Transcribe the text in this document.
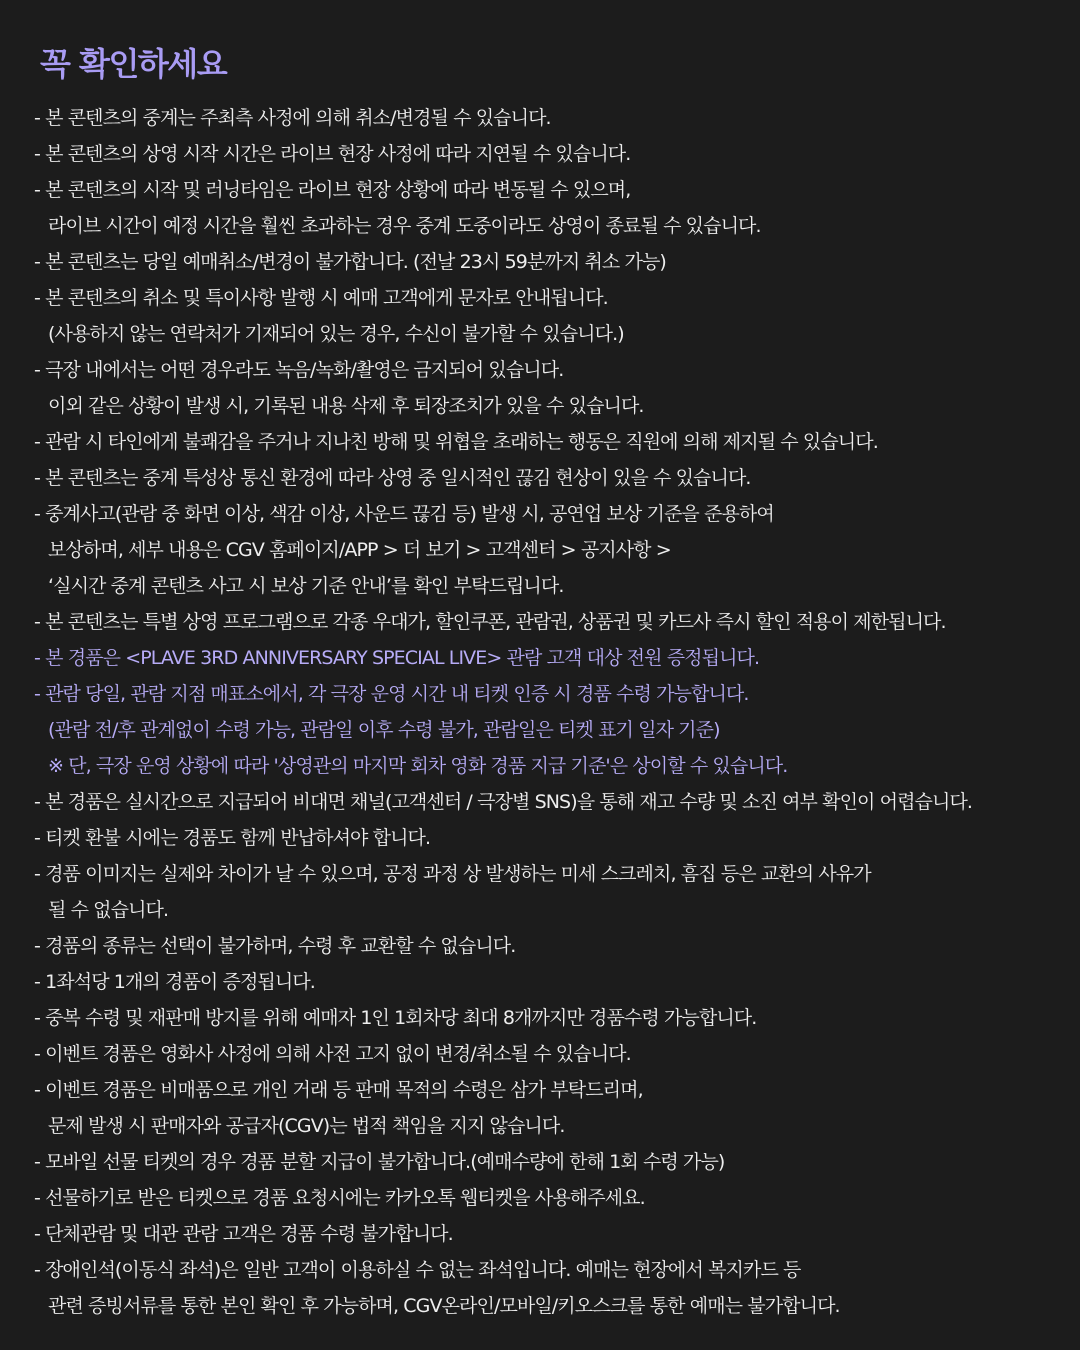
꼭 확인하세요
- 본 콘텐츠의 중계는 주최측 사정에 의해 취소/변경될 수 있습니다.
- 본 콘텐츠의 상영 시작 시간은 라이브 현장 사정에 따라 지연될 수 있습니다.
- 본 콘텐츠의 시작 및 러닝타임은 라이브 현장 상황에 따라 변동될 수 있으며,
라이브 시간이 예정 시간을 훨씬 초과하는 경우 중계 도중이라도 상영이 종료될 수 있습니다.
- 본 콘텐츠는 당일 예매취소/변경이 불가합니다. (전날 23시 59분까지 취소 가능)
- 본 콘텐츠의 취소 및 특이사항 발행 시 예매 고객에게 문자로 안내됩니다.
(사용하지 않는 연락처가 기재되어 있는 경우, 수신이 불가할 수 있습니다.)
- 극장 내에서는 어떤 경우라도 녹음/녹화/촬영은 금지되어 있습니다.
이외 같은 상황이 발생 시, 기록된 내용 삭제 후 퇴장조치가 있을 수 있습니다.
- 관람 시 타인에게 불쾌감을 주거나 지나친 방해 및 위협을 초래하는 행동은 직원에 의해 제지될 수 있습니다.
- 본 콘텐츠는 중계 특성상 통신 환경에 따라 상영 중 일시적인 끊김 현상이 있을 수 있습니다.
- 중계사고(관람 중 화면 이상, 색감 이상, 사운드 끊김 등) 발생 시, 공연업 보상 기준을 준용하여
보상하며, 세부 내용은 CGV 홈페이지/APP > 더 보기 > 고객센터 > 공지사항 >
‘실시간 중계 콘텐츠 사고 시 보상 기준 안내’를 확인 부탁드립니다.
- 본 콘텐츠는 특별 상영 프로그램으로 각종 우대가, 할인쿠폰, 관람권, 상품권 및 카드사 즉시 할인 적용이 제한됩니다.
- 본 경품은 <PLAVE 3RD ANNIVERSARY SPECIAL LIVE> 관람 고객 대상 전원 증정됩니다.
- 관람 당일, 관람 지점 매표소에서, 각 극장 운영 시간 내 티켓 인증 시 경품 수령 가능합니다.
(관람 전/후 관계없이 수령 가능, 관람일 이후 수령 불가, 관람일은 티켓 표기 일자 기준)
※ 단, 극장 운영 상황에 따라 '상영관의 마지막 회차 영화 경품 지급 기준'은 상이할 수 있습니다.
- 본 경품은 실시간으로 지급되어 비대면 채널(고객센터 / 극장별 SNS)을 통해 재고 수량 및 소진 여부 확인이 어렵습니다.
- 티켓 환불 시에는 경품도 함께 반납하셔야 합니다.
- 경품 이미지는 실제와 차이가 날 수 있으며, 공정 과정 상 발생하는 미세 스크레치, 흠집 등은 교환의 사유가
될 수 없습니다.
- 경품의 종류는 선택이 불가하며, 수령 후 교환할 수 없습니다.
- 1좌석당 1개의 경품이 증정됩니다.
- 중복 수령 및 재판매 방지를 위해 예매자 1인 1회차당 최대 8개까지만 경품수령 가능합니다.
- 이벤트 경품은 영화사 사정에 의해 사전 고지 없이 변경/취소될 수 있습니다.
- 이벤트 경품은 비매품으로 개인 거래 등 판매 목적의 수령은 삼가 부탁드리며,
문제 발생 시 판매자와 공급자(CGV)는 법적 책임을 지지 않습니다.
- 모바일 선물 티켓의 경우 경품 분할 지급이 불가합니다.(예매수량에 한해 1회 수령 가능)
- 선물하기로 받은 티켓으로 경품 요청시에는 카카오톡 웹티켓을 사용해주세요.
- 단체관람 및 대관 관람 고객은 경품 수령 불가합니다.
- 장애인석(이동식 좌석)은 일반 고객이 이용하실 수 없는 좌석입니다. 예매는 현장에서 복지카드 등
관련 증빙서류를 통한 본인 확인 후 가능하며, CGV온라인/모바일/키오스크를 통한 예매는 불가합니다.
